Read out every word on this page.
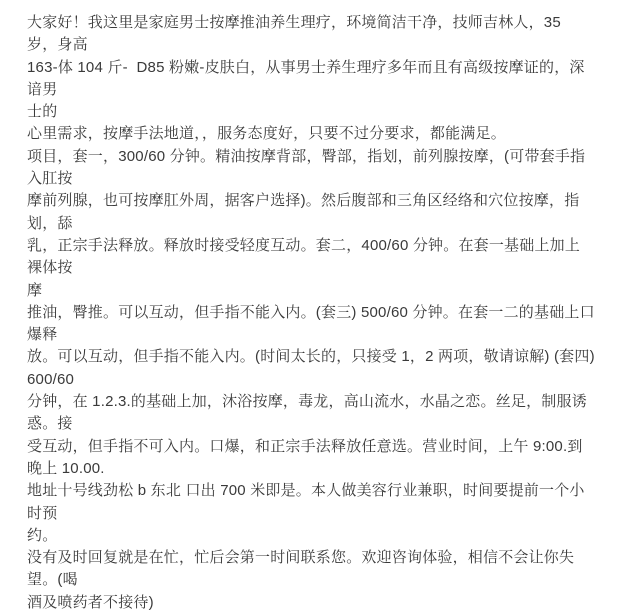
大家好！我这里是家庭男士按摩推油养生理疗，环境简洁干净，技师吉林人，35 岁，身高
163-体 104 斤-  D85 粉嫩-皮肤白，从事男士养生理疗多年而且有高级按摩证的，深谙男
士的
心里需求，按摩手法地道，，服务态度好，只要不过分要求，都能满足。
项目，套一，300/60 分钟。精油按摩背部，臀部，指划，前列腺按摩，(可带套手指入肛按
摩前列腺，也可按摩肛外周，据客户选择)。然后腹部和三角区经络和穴位按摩，指划，舔
乳，正宗手法释放。释放时接受轻度互动。套二，400/60 分钟。在套一基础上加上裸体按
摩
推油，臀推。可以互动，但手指不能入内。(套三) 500/60 分钟。在套一二的基础上口爆释
放。可以互动，但手指不能入内。(时间太长的，只接受 1，2 两项，敬请谅解) (套四) 600/60
分钟，在 1.2.3.的基础上加，沐浴按摩，毒龙，高山流水，水晶之恋。丝足，制服诱惑。接
受互动，但手指不可入内。口爆，和正宗手法释放任意选。营业时间，上午 9:00.到晚上 10.00.
地址十号线劲松 b 东北 口出 700 米即是。本人做美容行业兼职，时间要提前一个小时预
约。
没有及时回复就是在忙，忙后会第一时间联系您。欢迎咨询体验，相信不会让你失望。(喝
酒及喷药者不接待)
